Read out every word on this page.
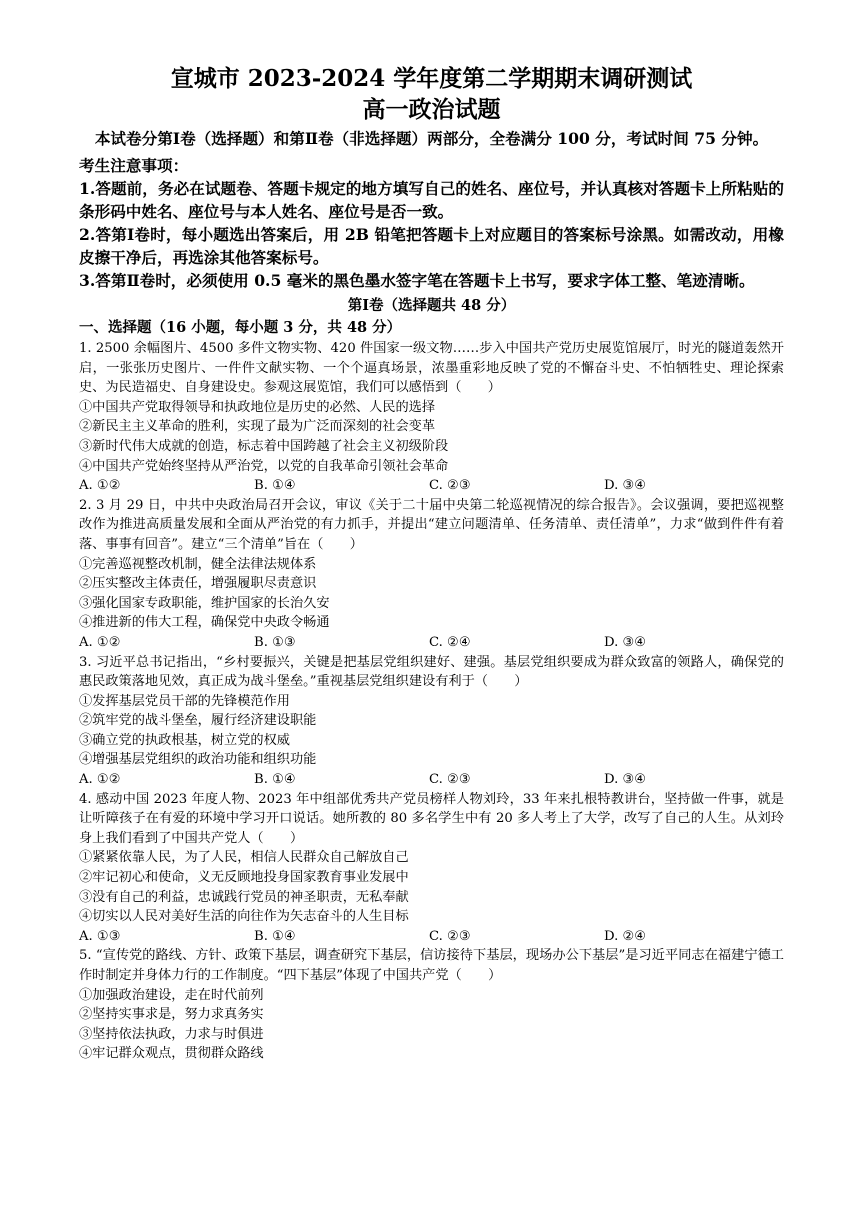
宣城市 2023-2024 学年度第二学期期末调研测试
高一政治试题

本试卷分第Ⅰ卷（选择题）和第Ⅱ卷（非选择题）两部分，全卷满分 100 分，考试时间 75 分钟。

考生注意事项：

1.答题前，务必在试题卷、答题卡规定的地方填写自己的姓名、座位号，并认真核对答题卡上所粘贴的条形码中姓名、座位号与本人姓名、座位号是否一致。

2.答第Ⅰ卷时，每小题选出答案后，用 2B 铅笔把答题卡上对应题目的答案标号涂黑。如需改动，用橡皮擦干净后，再选涂其他答案标号。

3.答第Ⅱ卷时，必须使用 0.5 毫米的黑色墨水签字笔在答题卡上书写，要求字体工整、笔迹清晰。

第Ⅰ卷（选择题共 48 分）

一、选择题（16 小题，每小题 3 分，共 48 分）

1. 2500 余幅图片、4500 多件文物实物、420 件国家一级文物……步入中国共产党历史展览馆展厅，时光的隧道轰然开启，一张张历史图片、一件件文献实物、一个个逼真场景，浓墨重彩地反映了党的不懈奋斗史、不怕牺牲史、理论探索史、为民造福史、自身建设史。参观这展览馆，我们可以感悟到（　　）

①中国共产党取得领导和执政地位是历史的必然、人民的选择

②新民主主义革命的胜利，实现了最为广泛而深刻的社会变革

③新时代伟大成就的创造，标志着中国跨越了社会主义初级阶段

④中国共产党始终坚持从严治党，以党的自我革命引领社会革命

A. ①②	B. ①④	C. ②③	D. ③④

2. 3 月 29 日，中共中央政治局召开会议，审议《关于二十届中央第二轮巡视情况的综合报告》。会议强调，要把巡视整改作为推进高质量发展和全面从严治党的有力抓手，并提出“建立问题清单、任务清单、责任清单”，力求“做到件件有着落、事事有回音”。建立“三个清单”旨在（　　）

①完善巡视整改机制，健全法律法规体系

②压实整改主体责任，增强履职尽责意识

③强化国家专政职能，维护国家的长治久安

④推进新的伟大工程，确保党中央政令畅通

A. ①②	B. ①③	C. ②④	D. ③④

3. 习近平总书记指出，“乡村要振兴，关键是把基层党组织建好、建强。基层党组织要成为群众致富的领路人，确保党的惠民政策落地见效，真正成为战斗堡垒。”重视基层党组织建设有利于（　　）

①发挥基层党员干部的先锋模范作用

②筑牢党的战斗堡垒，履行经济建设职能

③确立党的执政根基，树立党的权威

④增强基层党组织的政治功能和组织功能

A. ①②	B. ①④	C. ②③	D. ③④

4. 感动中国 2023 年度人物、2023 年中组部优秀共产党员榜样人物刘玲，33 年来扎根特教讲台，坚持做一件事，就是让听障孩子在有爱的环境中学习开口说话。她所教的 80 多名学生中有 20 多人考上了大学，改写了自己的人生。从刘玲身上我们看到了中国共产党人（　　）

①紧紧依靠人民，为了人民，相信人民群众自己解放自己

②牢记初心和使命，义无反顾地投身国家教育事业发展中

③没有自己的利益，忠诚践行党员的神圣职责，无私奉献

④切实以人民对美好生活的向往作为矢志奋斗的人生目标

A. ①③	B. ①④	C. ②③	D. ②④

5. “宣传党的路线、方针、政策下基层，调查研究下基层，信访接待下基层，现场办公下基层”是习近平同志在福建宁德工作时制定并身体力行的工作制度。“四下基层”体现了中国共产党（　　）

①加强政治建设，走在时代前列

②坚持实事求是，努力求真务实

③坚持依法执政，力求与时俱进

④牢记群众观点，贯彻群众路线
